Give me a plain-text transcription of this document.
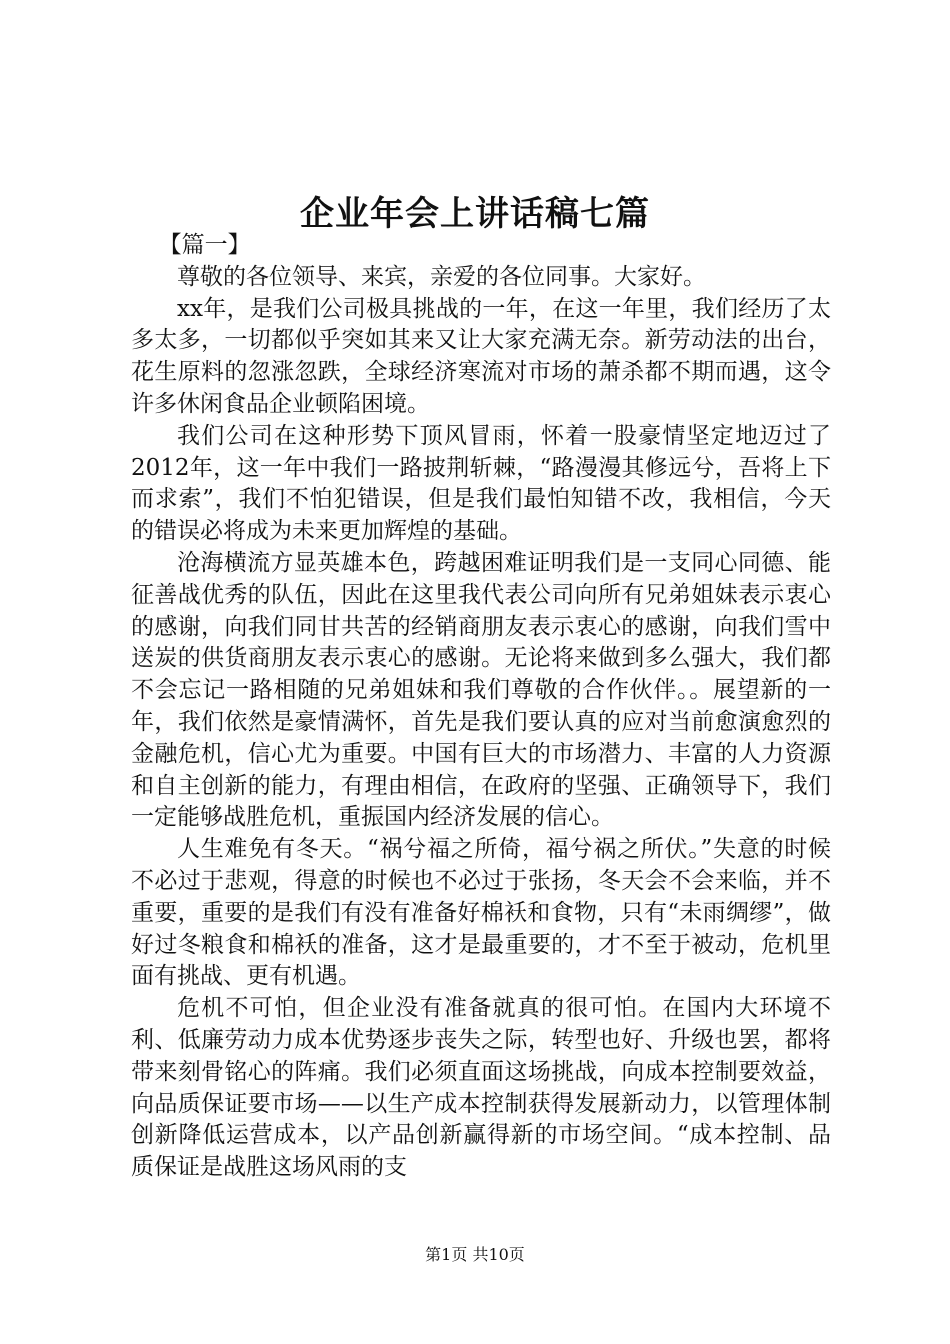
企业年会上讲话稿七篇

【篇一】

尊敬的各位领导、来宾，亲爱的各位同事。大家好。

xx年，是我们公司极具挑战的一年，在这一年里，我们经历了太多太多，一切都似乎突如其来又让大家充满无奈。新劳动法的出台，花生原料的忽涨忽跌，全球经济寒流对市场的萧杀都不期而遇，这令许多休闲食品企业顿陷困境。

我们公司在这种形势下顶风冒雨，怀着一股豪情坚定地迈过了2012年，这一年中我们一路披荆斩棘，“路漫漫其修远兮，吾将上下而求索”，我们不怕犯错误，但是我们最怕知错不改，我相信，今天的错误必将成为未来更加辉煌的基础。

沧海横流方显英雄本色，跨越困难证明我们是一支同心同德、能征善战优秀的队伍，因此在这里我代表公司向所有兄弟姐妹表示衷心的感谢，向我们同甘共苦的经销商朋友表示衷心的感谢，向我们雪中送炭的供货商朋友表示衷心的感谢。无论将来做到多么强大，我们都不会忘记一路相随的兄弟姐妹和我们尊敬的合作伙伴。。展望新的一年，我们依然是豪情满怀，首先是我们要认真的应对当前愈演愈烈的金融危机，信心尤为重要。中国有巨大的市场潜力、丰富的人力资源和自主创新的能力，有理由相信，在政府的坚强、正确领导下，我们一定能够战胜危机，重振国内经济发展的信心。

人生难免有冬天。“祸兮福之所倚，福兮祸之所伏。”失意的时候不必过于悲观，得意的时候也不必过于张扬，冬天会不会来临，并不重要，重要的是我们有没有准备好棉袄和食物，只有“未雨绸缪”，做好过冬粮食和棉袄的准备，这才是最重要的，才不至于被动，危机里面有挑战、更有机遇。

危机不可怕，但企业没有准备就真的很可怕。在国内大环境不利、低廉劳动力成本优势逐步丧失之际，转型也好、升级也罢，都将带来刻骨铭心的阵痛。我们必须直面这场挑战，向成本控制要效益，向品质保证要市场——以生产成本控制获得发展新动力，以管理体制创新降低运营成本，以产品创新赢得新的市场空间。“成本控制、品质保证是战胜这场风雨的支

第1页 共10页
